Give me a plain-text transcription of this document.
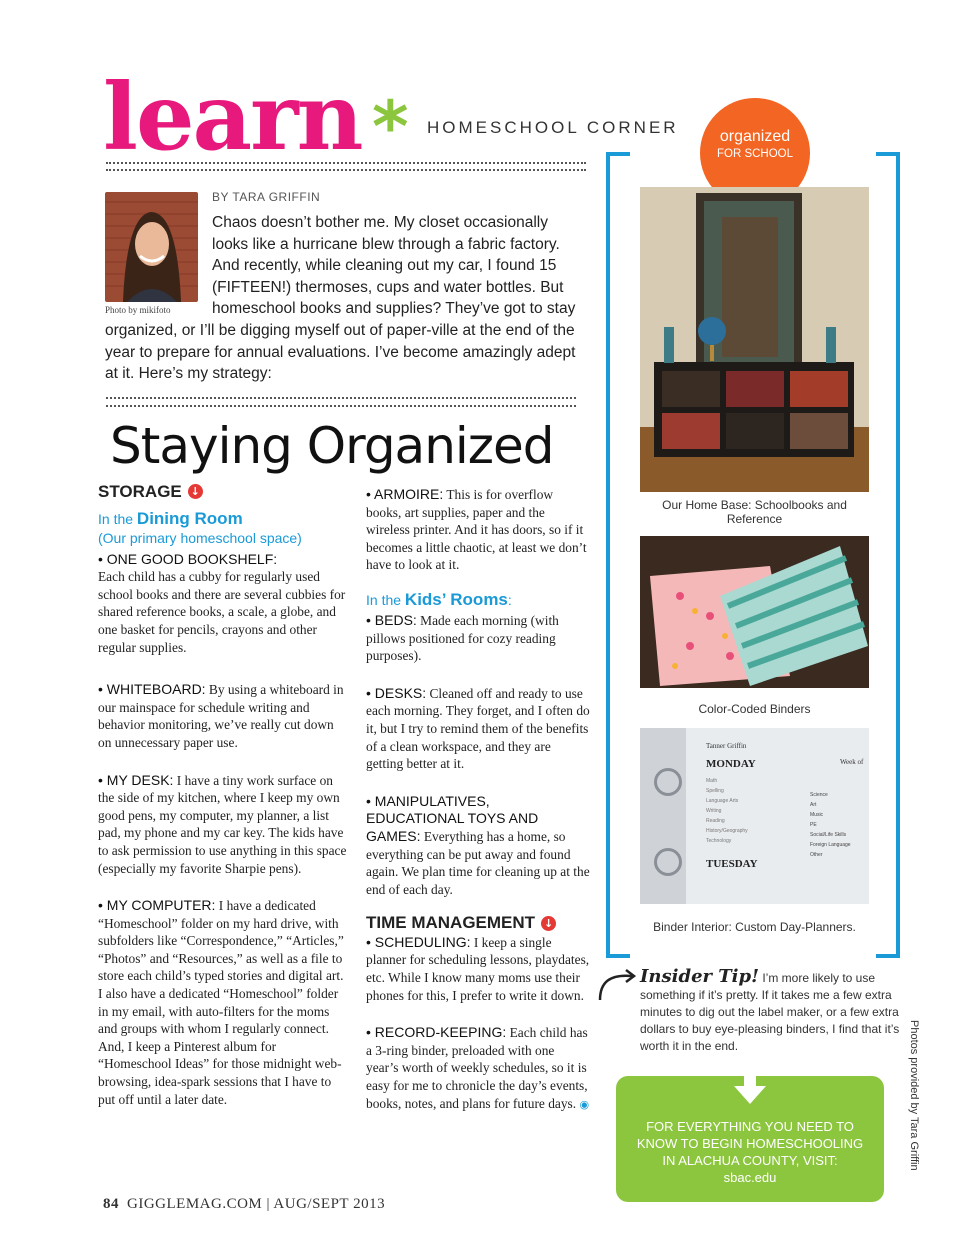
learn * HOMESCHOOL CORNER
BY TARA GRIFFIN
Photo by mikifoto
Chaos doesn’t bother me. My closet occasionally looks like a hurricane blew through a fabric factory. And recently, while cleaning out my car, I found 15 (FIFTEEN!) thermoses, cups and water bottles. But homeschool books and supplies? They’ve got to stay organized, or I’ll be digging myself out of paper-ville at the end of the year to prepare for annual evaluations. I’ve become amazingly adept at it. Here’s my strategy:
Staying Organized
STORAGE ↓
In the Dining Room
(Our primary homeschool space)

• ONE GOOD BOOKSHELF:
Each child has a cubby for regularly used school books and there are several cubbies for shared reference books, a scale, a globe, and one basket for pencils, crayons and other regular supplies.

• WHITEBOARD: By using a whiteboard in our mainspace for schedule writing and behavior monitoring, we’ve really cut down on unnecessary paper use.

• MY DESK: I have a tiny work surface on the side of my kitchen, where I keep my own good pens, my computer, my planner, a list pad, my phone and my car key. The kids have to ask permission to use anything in this space (especially my favorite Sharpie pens).

• MY COMPUTER: I have a dedicated “Homeschool” folder on my hard drive, with subfolders like “Correspondence,” “Articles,” “Photos” and “Resources,” as well as a file to store each child’s typed stories and digital art. I also have a dedicated “Homeschool” folder in my email, with auto-filters for the moms and groups with whom I regularly connect. And, I keep a Pinterest album for “Homeschool Ideas” for those midnight web-browsing, idea-spark sessions that I have to put off until a later date.

• ARMOIRE: This is for overflow books, art supplies, paper and the wireless printer. And it has doors, so if it becomes a little chaotic, at least we don’t have to look at it.

In the Kids’ Rooms:

• BEDS: Made each morning (with pillows positioned for cozy reading purposes).

• DESKS: Cleaned off and ready to use each morning. They forget, and I often do it, but I try to remind them of the benefits of a clean workspace, and they are getting better at it.

• MANIPULATIVES, EDUCATIONAL TOYS AND GAMES: Everything has a home, so everything can be put away and found again. We plan time for cleaning up at the end of each day.

TIME MANAGEMENT ↓

• SCHEDULING: I keep a single planner for scheduling lessons, playdates, etc. While I know many moms use their phones for this, I prefer to write it down.

• RECORD-KEEPING: Each child has a 3-ring binder, preloaded with one year’s worth of weekly schedules, so it is easy for me to chronicle the day’s events, books, notes, and plans for future days. ◉

organized
FOR SCHOOL
Our Home Base: Schoolbooks and Reference
Color-Coded Binders
Tanner Griffin
Week of
MONDAY
TUESDAY
Math
Spelling
Language Arts
Writing
Reading
History/Geography
Technology
Science
Art
Music
PE
Social/Life Skills
Foreign Language
Other
Binder Interior: Custom Day-Planners.
Insider Tip! I’m more likely to use something if it’s pretty. If it takes me a few extra minutes to dig out the label maker, or a few extra dollars to buy eye-pleasing binders, I find that it’s worth it in the end.
FOR EVERYTHING YOU NEED TO KNOW TO BEGIN HOMESCHOOLING IN ALACHUA COUNTY, VISIT:
sbac.edu
Photos provided by Tara Griffin
84 GIGGLEMAG.COM | AUG/SEPT 2013
